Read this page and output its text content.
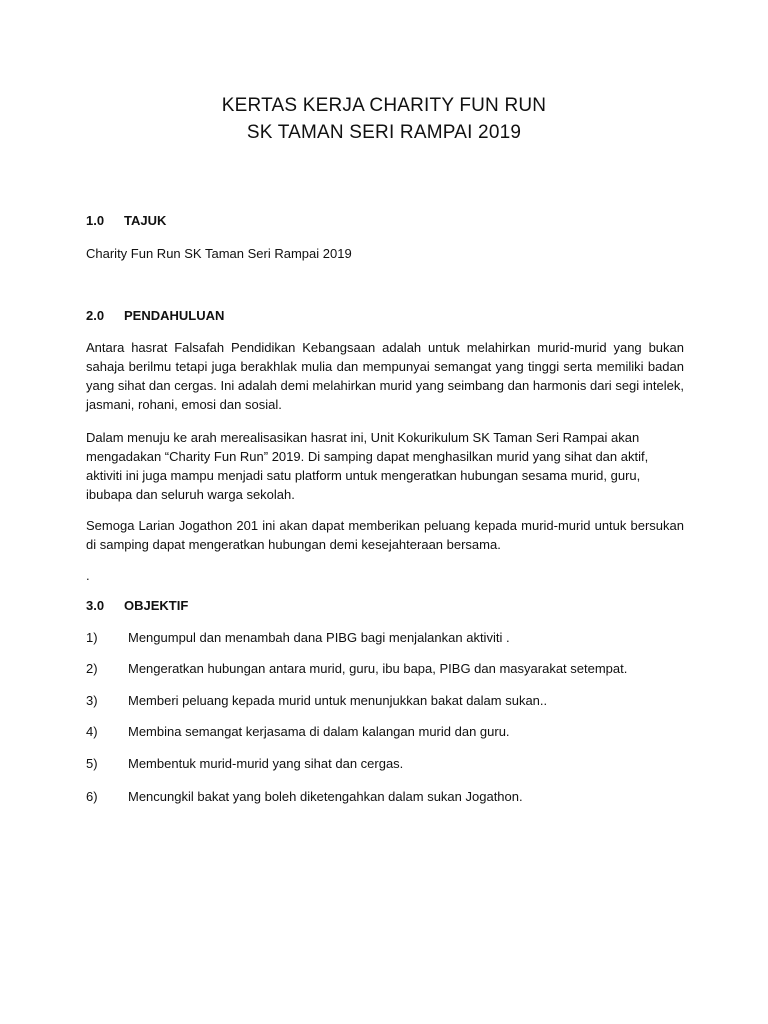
KERTAS KERJA CHARITY FUN RUN
SK TAMAN SERI RAMPAI 2019
1.0 TAJUK
Charity Fun Run SK Taman Seri Rampai 2019
2.0 PENDAHULUAN
Antara hasrat Falsafah Pendidikan Kebangsaan adalah untuk melahirkan murid-murid yang bukan sahaja berilmu tetapi juga berakhlak mulia dan mempunyai semangat yang tinggi serta memiliki badan yang sihat dan cergas. Ini adalah demi melahirkan murid yang seimbang dan harmonis dari segi intelek, jasmani, rohani, emosi dan sosial.
Dalam menuju ke arah merealisasikan hasrat ini, Unit Kokurikulum SK Taman Seri Rampai akan mengadakan “Charity Fun Run” 2019. Di samping dapat menghasilkan murid yang sihat dan aktif, aktiviti ini juga mampu menjadi satu platform untuk mengeratkan hubungan sesama murid, guru, ibubapa dan seluruh warga sekolah.
Semoga Larian Jogathon 201 ini akan dapat memberikan peluang kepada murid-murid untuk bersukan di samping dapat mengeratkan hubungan demi kesejahteraan bersama.
.
3.0 OBJEKTIF
1) Mengumpul dan menambah dana PIBG bagi menjalankan aktiviti .
2) Mengeratkan hubungan antara murid, guru, ibu bapa, PIBG dan masyarakat setempat.
3) Memberi peluang kepada murid untuk menunjukkan bakat dalam sukan..
4) Membina semangat kerjasama di dalam kalangan murid dan guru.
5) Membentuk murid-murid yang sihat dan cergas.
6) Mencungkil bakat yang boleh diketengahkan dalam sukan Jogathon.
